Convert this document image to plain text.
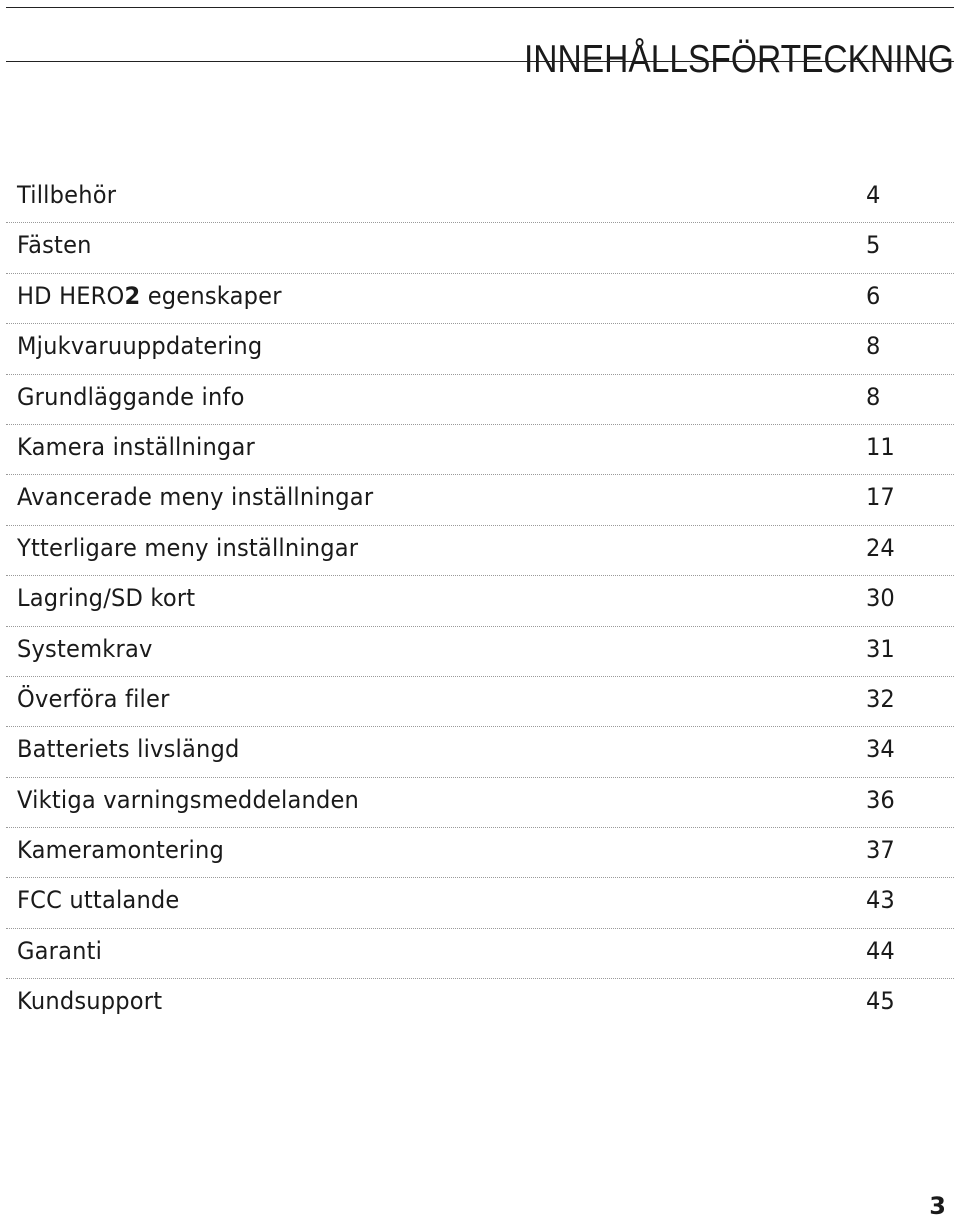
INNEHÅLLSFÖRTECKNING
Tillbehör	4
Fästen	5
HD HERO2 egenskaper	6
Mjukvaruuppdatering	8
Grundläggande info	8
Kamera inställningar	11
Avancerade meny inställningar	17
Ytterligare meny inställningar	24
Lagring/SD kort	30
Systemkrav	31
Överföra filer	32
Batteriets livslängd	34
Viktiga varningsmeddelanden	36
Kameramontering	37
FCC uttalande	43
Garanti	44
Kundsupport	45
3
